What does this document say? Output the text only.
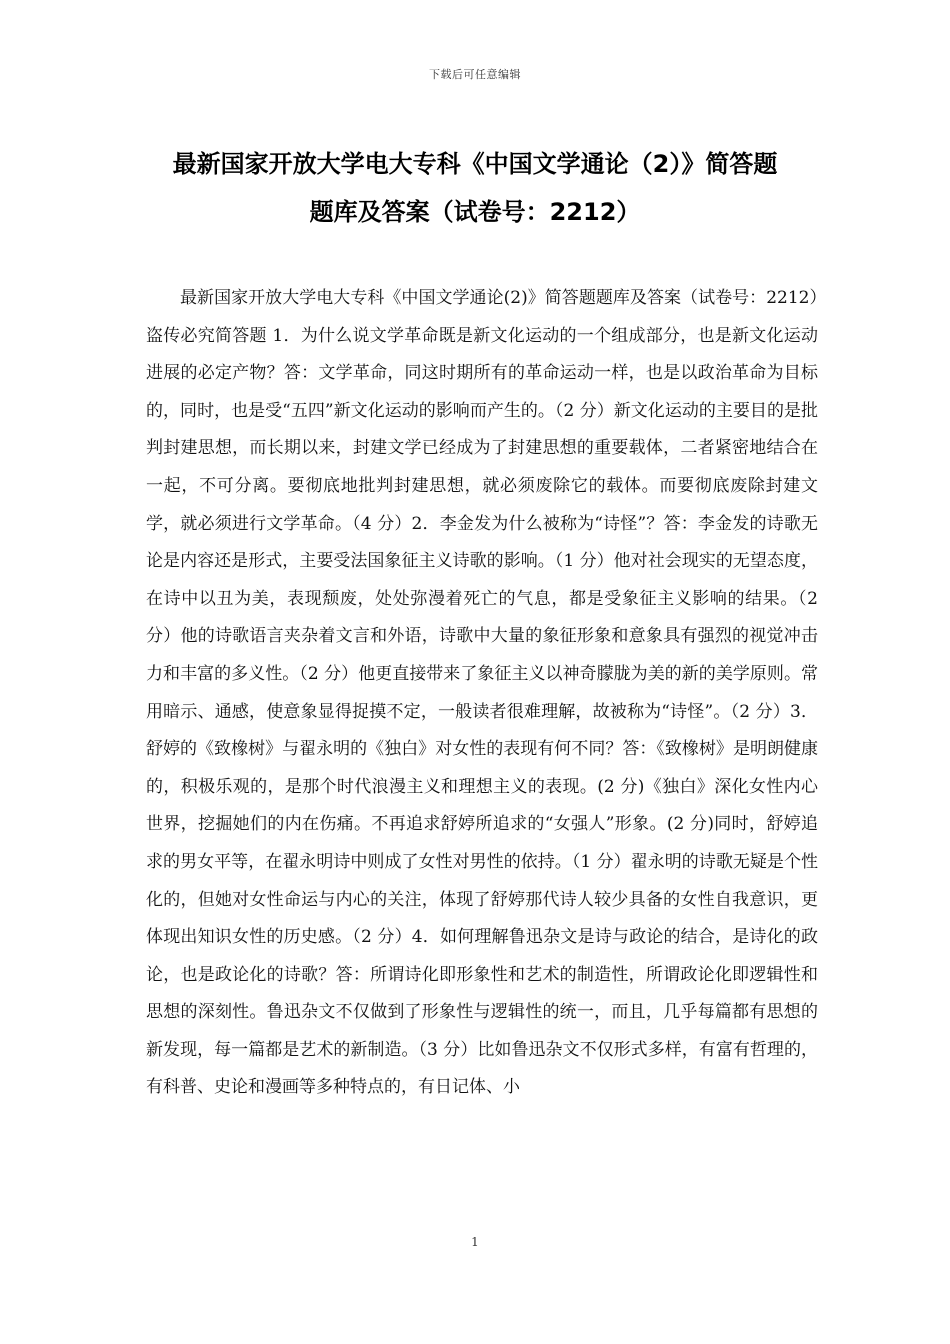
下载后可任意编辑
最新国家开放大学电大专科《中国文学通论（2）》简答题
题库及答案（试卷号：2212）

最新国家开放大学电大专科《中国文学通论(2)》简答题题库及答案（试卷号：2212）盗传必究简答题 1．为什么说文学革命既是新文化运动的一个组成部分，也是新文化运动进展的必定产物？答：文学革命，同这时期所有的革命运动一样，也是以政治革命为目标的，同时，也是受“五四”新文化运动的影响而产生的。（2 分）新文化运动的主要目的是批判封建思想，而长期以来，封建文学已经成为了封建思想的重要载体，二者紧密地结合在一起，不可分离。要彻底地批判封建思想，就必须废除它的载体。而要彻底废除封建文学，就必须进行文学革命。（4 分）2．李金发为什么被称为“诗怪”？答：李金发的诗歌无论是内容还是形式，主要受法国象征主义诗歌的影响。（1 分）他对社会现实的无望态度，在诗中以丑为美，表现颓废，处处弥漫着死亡的气息，都是受象征主义影响的结果。（2 分）他的诗歌语言夹杂着文言和外语，诗歌中大量的象征形象和意象具有强烈的视觉冲击力和丰富的多义性。（2 分）他更直接带来了象征主义以神奇朦胧为美的新的美学原则。常用暗示、通感，使意象显得捉摸不定，一般读者很难理解，故被称为“诗怪”。（2 分）3．舒婷的《致橡树》与翟永明的《独白》对女性的表现有何不同？答：《致橡树》是明朗健康的，积极乐观的，是那个时代浪漫主义和理想主义的表现。(2 分)《独白》深化女性内心世界，挖掘她们的内在伤痛。不再追求舒婷所追求的“女强人”形象。(2 分)同时，舒婷追求的男女平等，在翟永明诗中则成了女性对男性的依持。（1 分）翟永明的诗歌无疑是个性化的，但她对女性命运与内心的关注，体现了舒婷那代诗人较少具备的女性自我意识，更体现出知识女性的历史感。（2 分）4．如何理解鲁迅杂文是诗与政论的结合，是诗化的政论，也是政论化的诗歌？答：所谓诗化即形象性和艺术的制造性，所谓政论化即逻辑性和思想的深刻性。鲁迅杂文不仅做到了形象性与逻辑性的统一，而且，几乎每篇都有思想的新发现，每一篇都是艺术的新制造。（3 分）比如鲁迅杂文不仅形式多样，有富有哲理的，有科普、史论和漫画等多种特点的，有日记体、小

1
